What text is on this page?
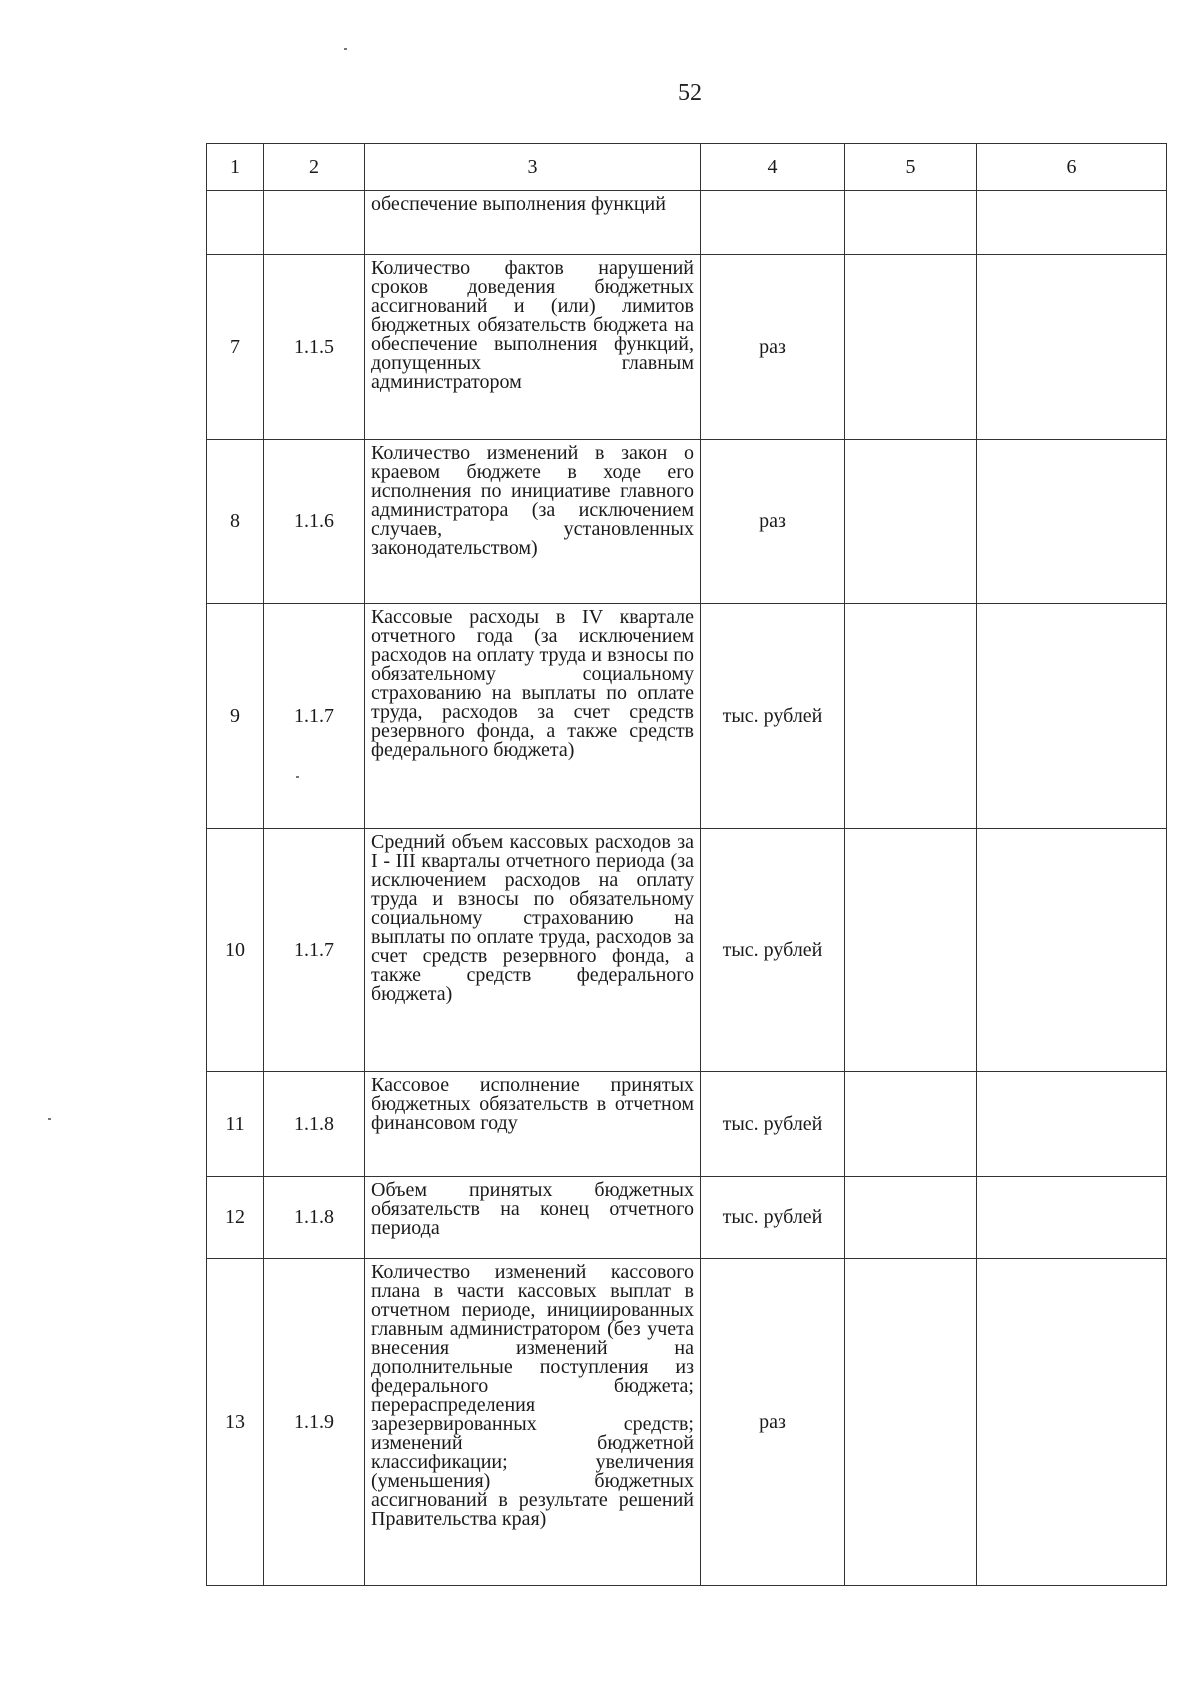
52
1	2	3	4	5	6

		обеспечение выполнения функций			

7	1.1.5	Количество фактов нарушений сроков доведения бюджетных ассигнований и (или) лимитов бюджетных обязательств бюджета на обеспечение выполнения функций, допущенных главным администратором	раз		
8	1.1.6	Количество изменений в закон о краевом бюджете в ходе его исполнения по инициативе главного администратора (за исключением случаев, установленных законодательством)	раз		
9	1.1.7	Кассовые расходы в IV квартале отчетного года (за исключением расходов на оплату труда и взносы по обязательному социальному страхованию на выплаты по оплате труда, расходов за счет средств резервного фонда, а также средств федерального бюджета)	тыс. рублей		
10	1.1.7	Средний объем кассовых расходов за I - III кварталы отчетного периода (за исключением расходов на оплату труда и взносы по обязательному социальному страхованию на выплаты по оплате труда, расходов за счет средств резервного фонда, а также средств федерального бюджета)	тыс. рублей		
11	1.1.8	Кассовое исполнение принятых бюджетных обязательств в отчетном финансовом году	тыс. рублей		
12	1.1.8	Объем принятых бюджетных обязательств на конец отчетного периода	тыс. рублей		
13	1.1.9	Количество изменений кассового плана в части кассовых выплат в отчетном периоде, инициированных главным администратором (без учета внесения изменений на дополнительные поступления из федерального бюджета; перераспределения зарезервированных средств; изменений бюджетной классификации; увеличения (уменьшения) бюджетных ассигнований в результате решений Правительства края)	раз		
